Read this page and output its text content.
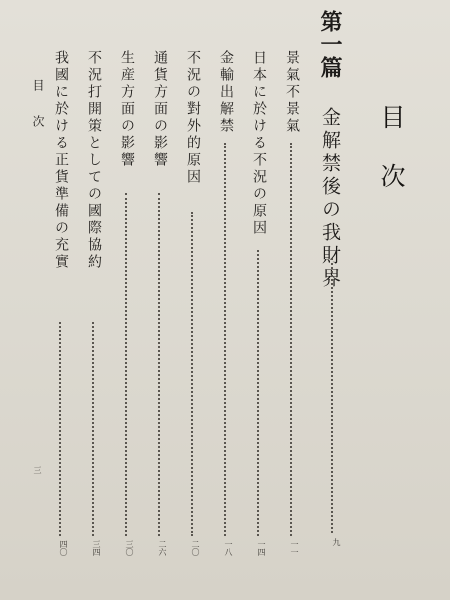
目次
第一篇
金解禁後の我財界
九
景氣不景氣
一一
日本に於ける不況の原因
一四
金輸出解禁
一八
不況の對外的原因
二〇
通貨方面の影響
二六
生産方面の影響
三〇
不況打開策としての國際協約
三四
我國に於ける正貨準備の充實
四〇
目次
三
